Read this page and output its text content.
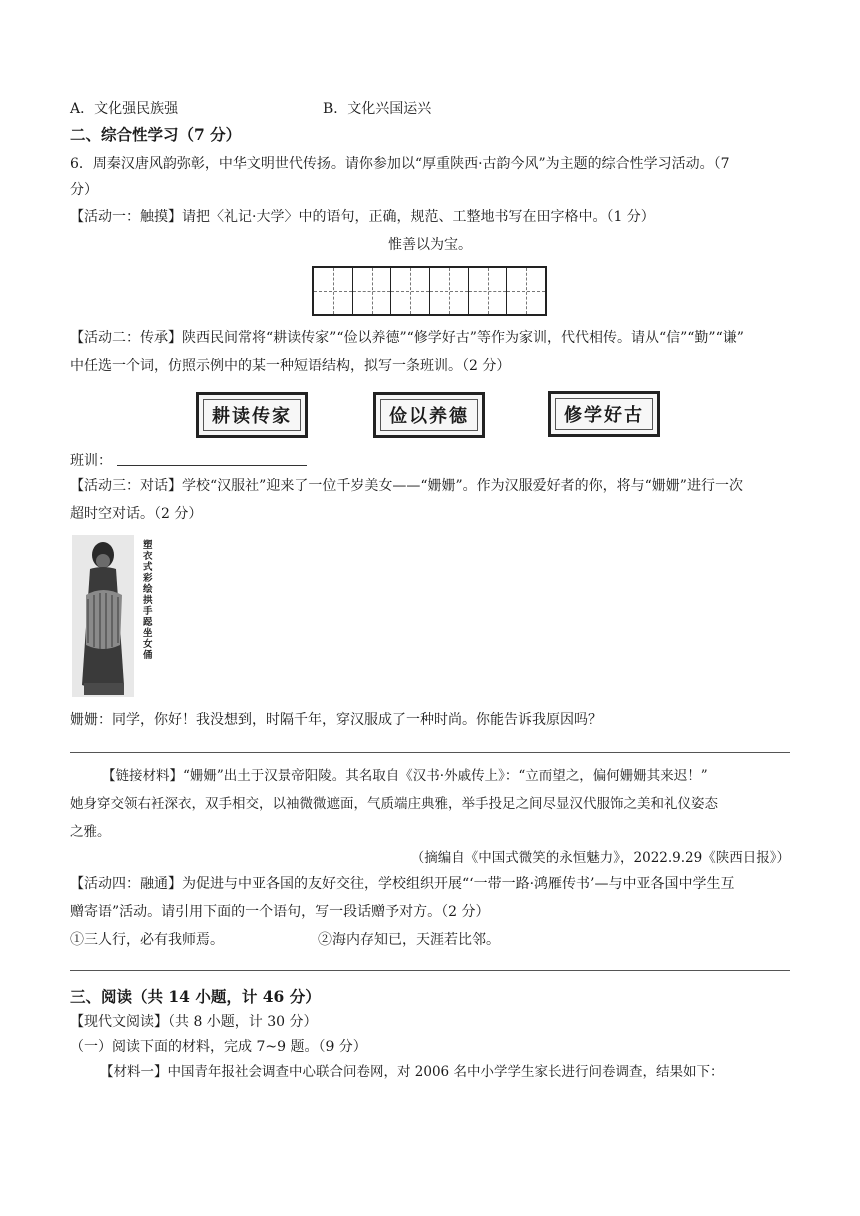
A．文化强民族强	B．文化兴国运兴
二、综合性学习（7 分）
6．周秦汉唐风韵弥彰，中华文明世代传扬。请你参加以“厚重陕西·古韵今风”为主题的综合性学习活动。（7
分）
【活动一：触摸】请把〈礼记·大学〉中的语句，正确，规范、工整地书写在田字格中。（1 分）
惟善以为宝。
【活动二：传承】陕西民间常将“耕读传家”“俭以养德”“修学好古”等作为家训，代代相传。请从“信”“勤”“谦”
中任选一个词，仿照示例中的某一种短语结构，拟写一条班训。（2 分）
耕读传家	俭以养德	修学好古
班训：
【活动三：对话】学校“汉服社”迎来了一位千岁美女——“姗姗”。作为汉服爱好者的你，将与“姗姗”进行一次
超时空对话。（2 分）
塑衣式彩绘拱手跽坐女俑
姗姗：同学，你好！我没想到，时隔千年，穿汉服成了一种时尚。你能告诉我原因吗？
【链接材料】“姗姗”出土于汉景帝阳陵。其名取自《汉书·外戚传上》：“立而望之，偏何姗姗其来迟！”
她身穿交领右衽深衣，双手相交，以袖微微遮面，气质端庄典雅，举手投足之间尽显汉代服饰之美和礼仪姿态
之雅。
（摘编自《中国式微笑的永恒魅力》，2022.9.29《陕西日报》）
【活动四：融通】为促进与中亚各国的友好交往，学校组织开展“‘一带一路·鸿雁传书’—与中亚各国中学生互
赠寄语”活动。请引用下面的一个语句，写一段话赠予对方。（2 分）
①三人行，必有我师焉。	②海内存知已，天涯若比邻。
三、阅读（共 14 小题，计 46 分）
【现代文阅读】（共 8 小题，计 30 分）
（一）阅读下面的材料，完成 7~9 题。（9 分）
【材料一】中国青年报社会调查中心联合问卷网，对 2006 名中小学学生家长进行问卷调查，结果如下：
